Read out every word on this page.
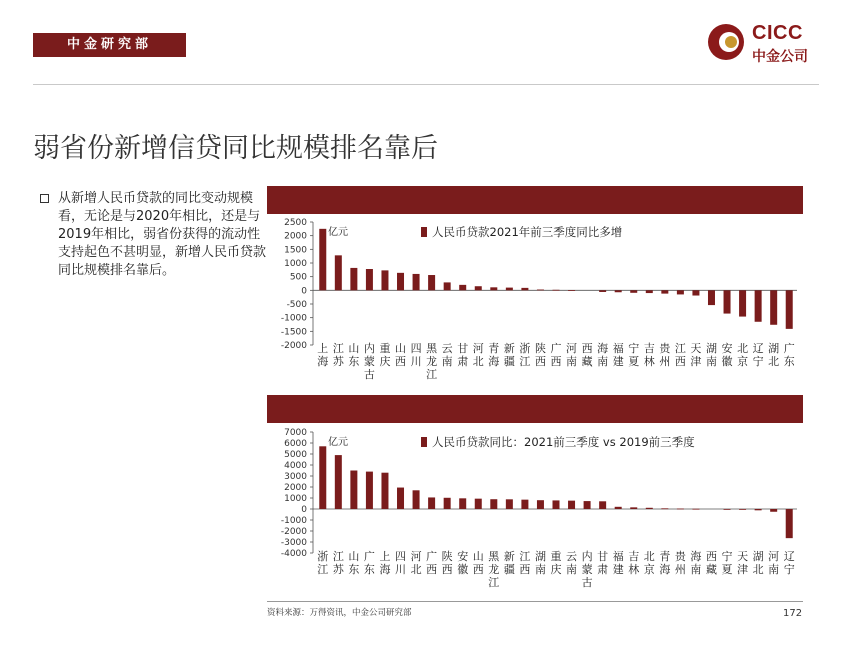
中金研究部
CICC
中金公司
弱省份新增信贷同比规模排名靠后
从新增人民币贷款的同比变动规模看，无论是与2020年相比，还是与2019年相比，弱省份获得的流动性支持起色不甚明显，新增人民币贷款同比规模排名靠后。
-2000
-1500
-1000
-500
0
500
1000
1500
2000
2500
亿元	人民币贷款2021年前三季度同比多增
上海
江苏
山东
内蒙古
重庆
山西
四川
黑龙江
云南
甘肃
河北
青海
新疆
浙江
陕西
广西
河南
西藏
海南
福建
宁夏
吉林
贵州
江西
天津
湖南
安徽
北京
辽宁
湖北
广东
-4000
-3000
-2000
-1000
0
1000
2000
3000
4000
5000
6000
7000
亿元	人民币贷款同比：2021前三季度 vs 2019前三季度
浙江
江苏
山东
广东
上海
四川
河北
广西
陕西
安徽
山西
黑龙江
新疆
江西
湖南
重庆
云南
内蒙古
甘肃
福建
吉林
北京
青海
贵州
海南
西藏
宁夏
天津
湖北
河南
辽宁
资料来源：万得资讯，中金公司研究部	172
